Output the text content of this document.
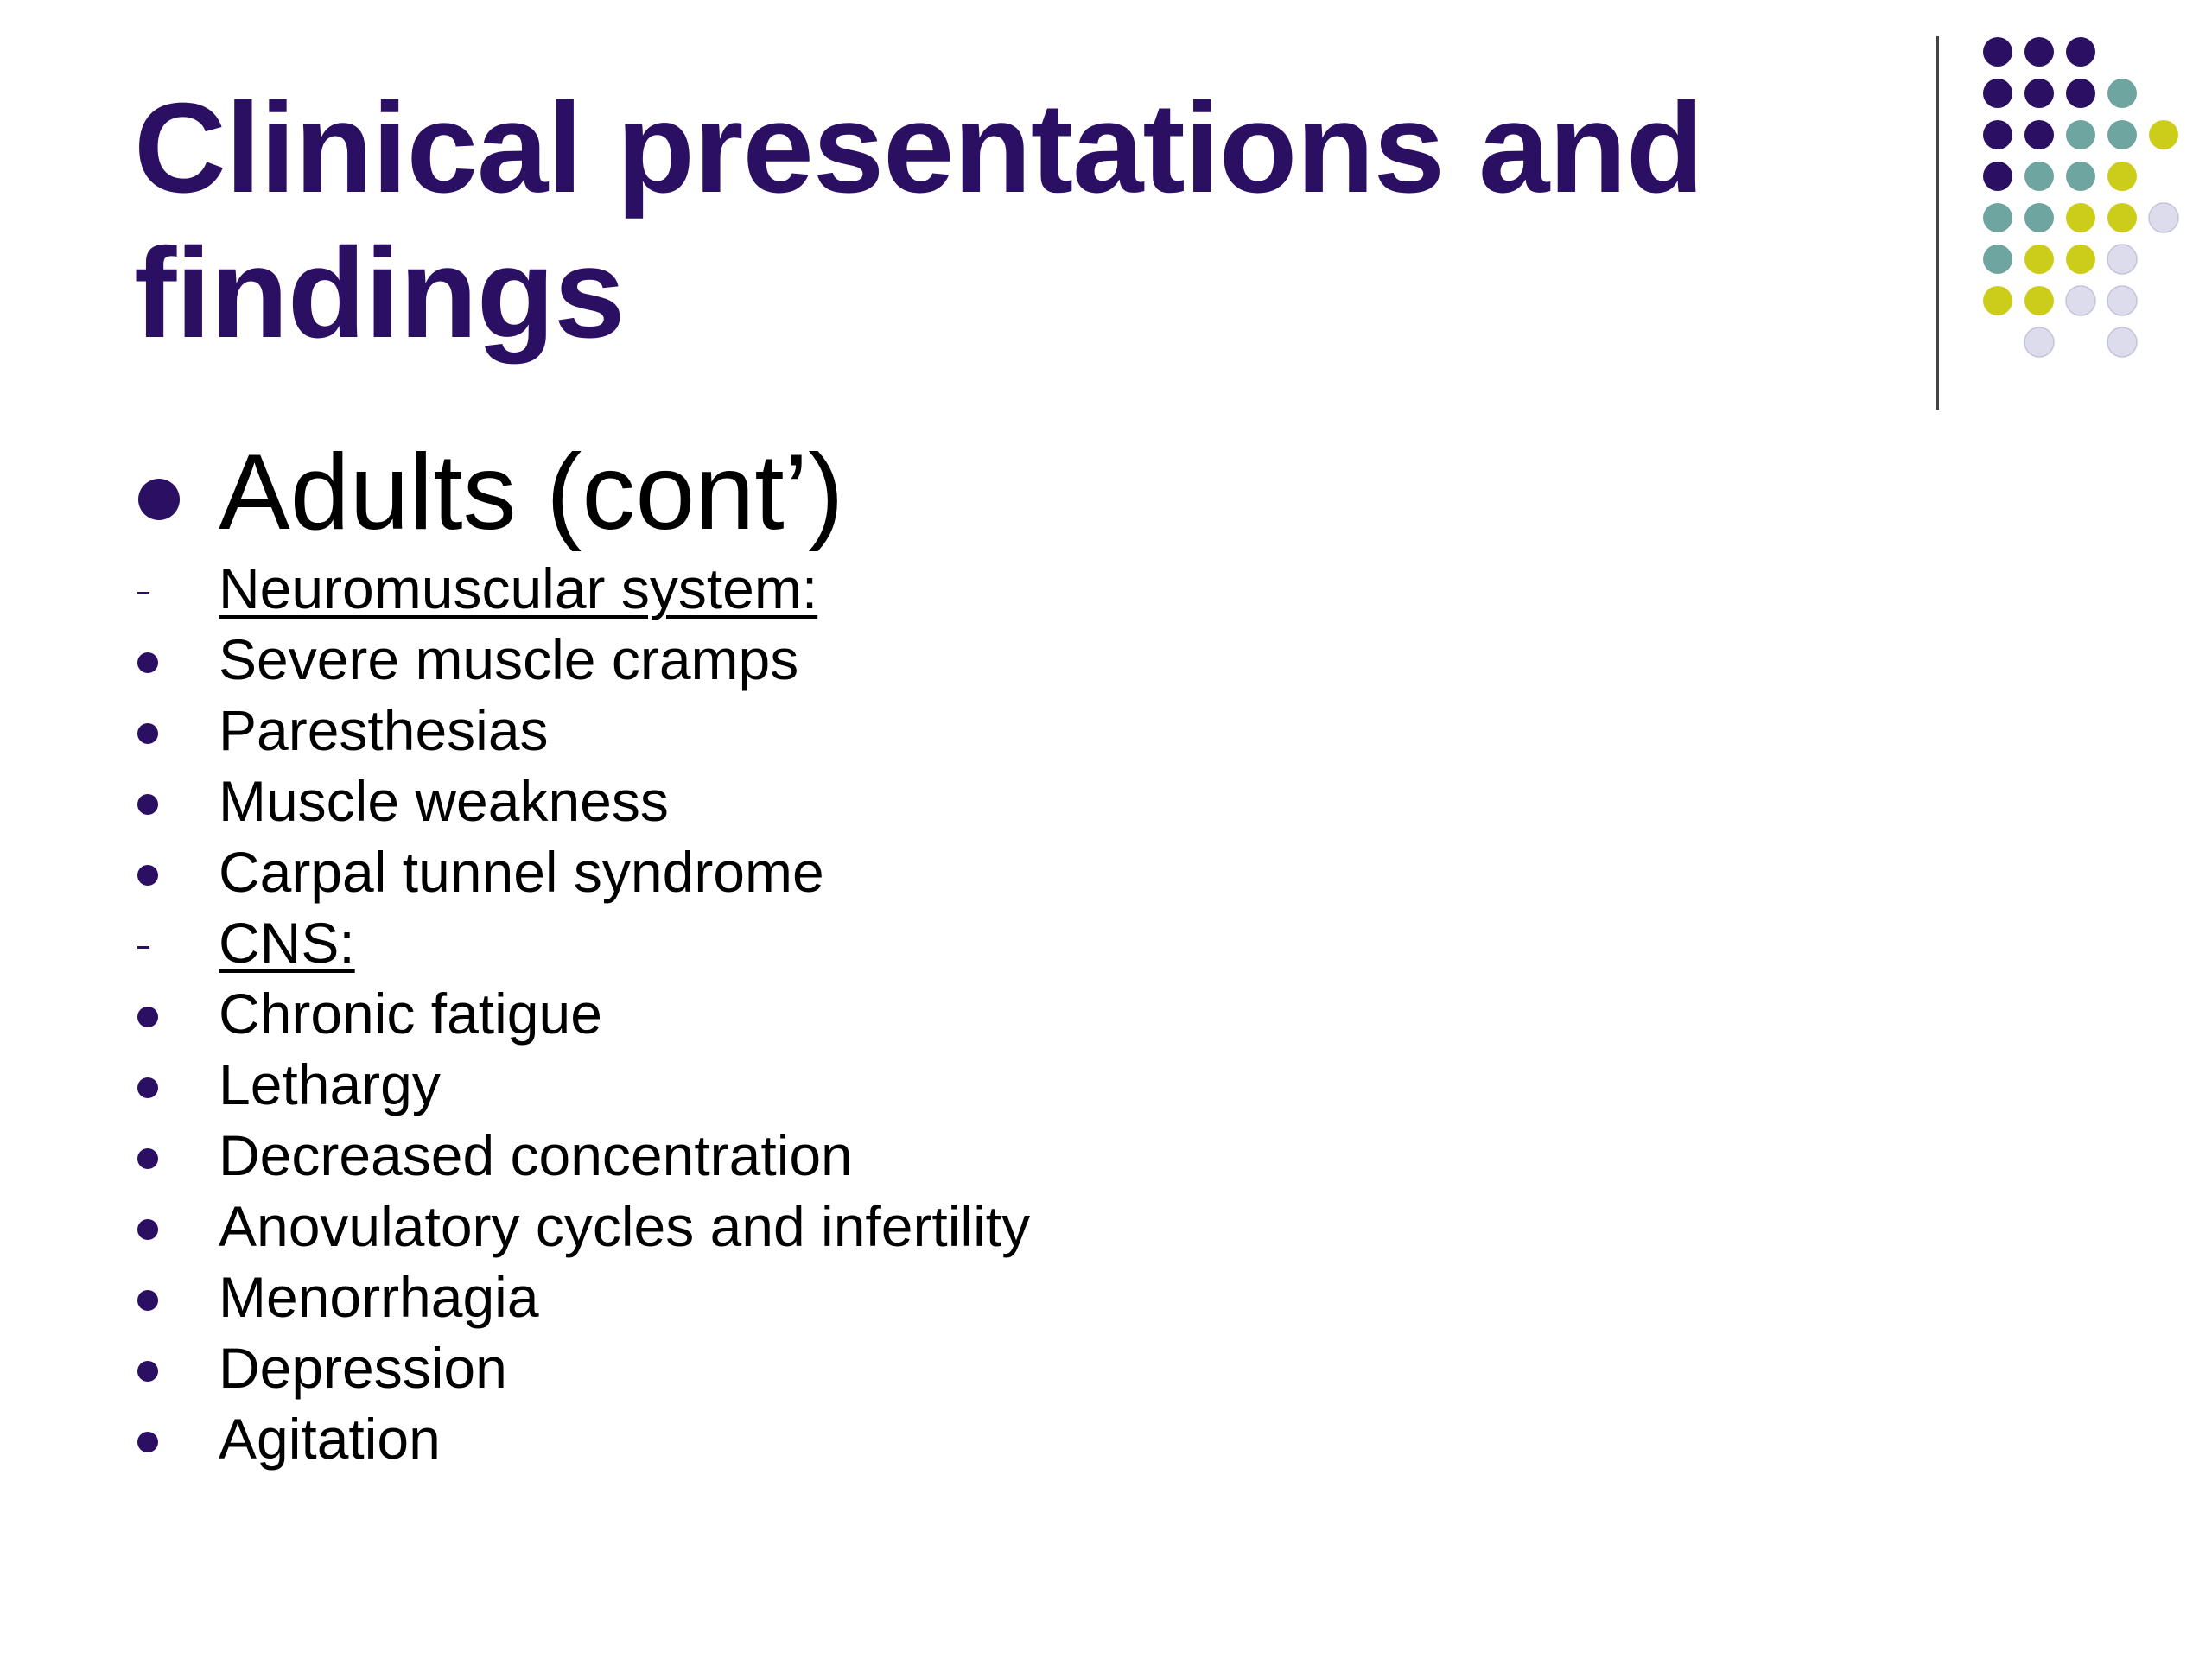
Clinical presentations and findings
Adults (cont’)
Neuromuscular system:
Severe muscle cramps
Paresthesias
Muscle weakness
Carpal tunnel syndrome
CNS:
Chronic fatigue
Lethargy
Decreased concentration
Anovulatory cycles and infertility
Menorrhagia
Depression
Agitation
